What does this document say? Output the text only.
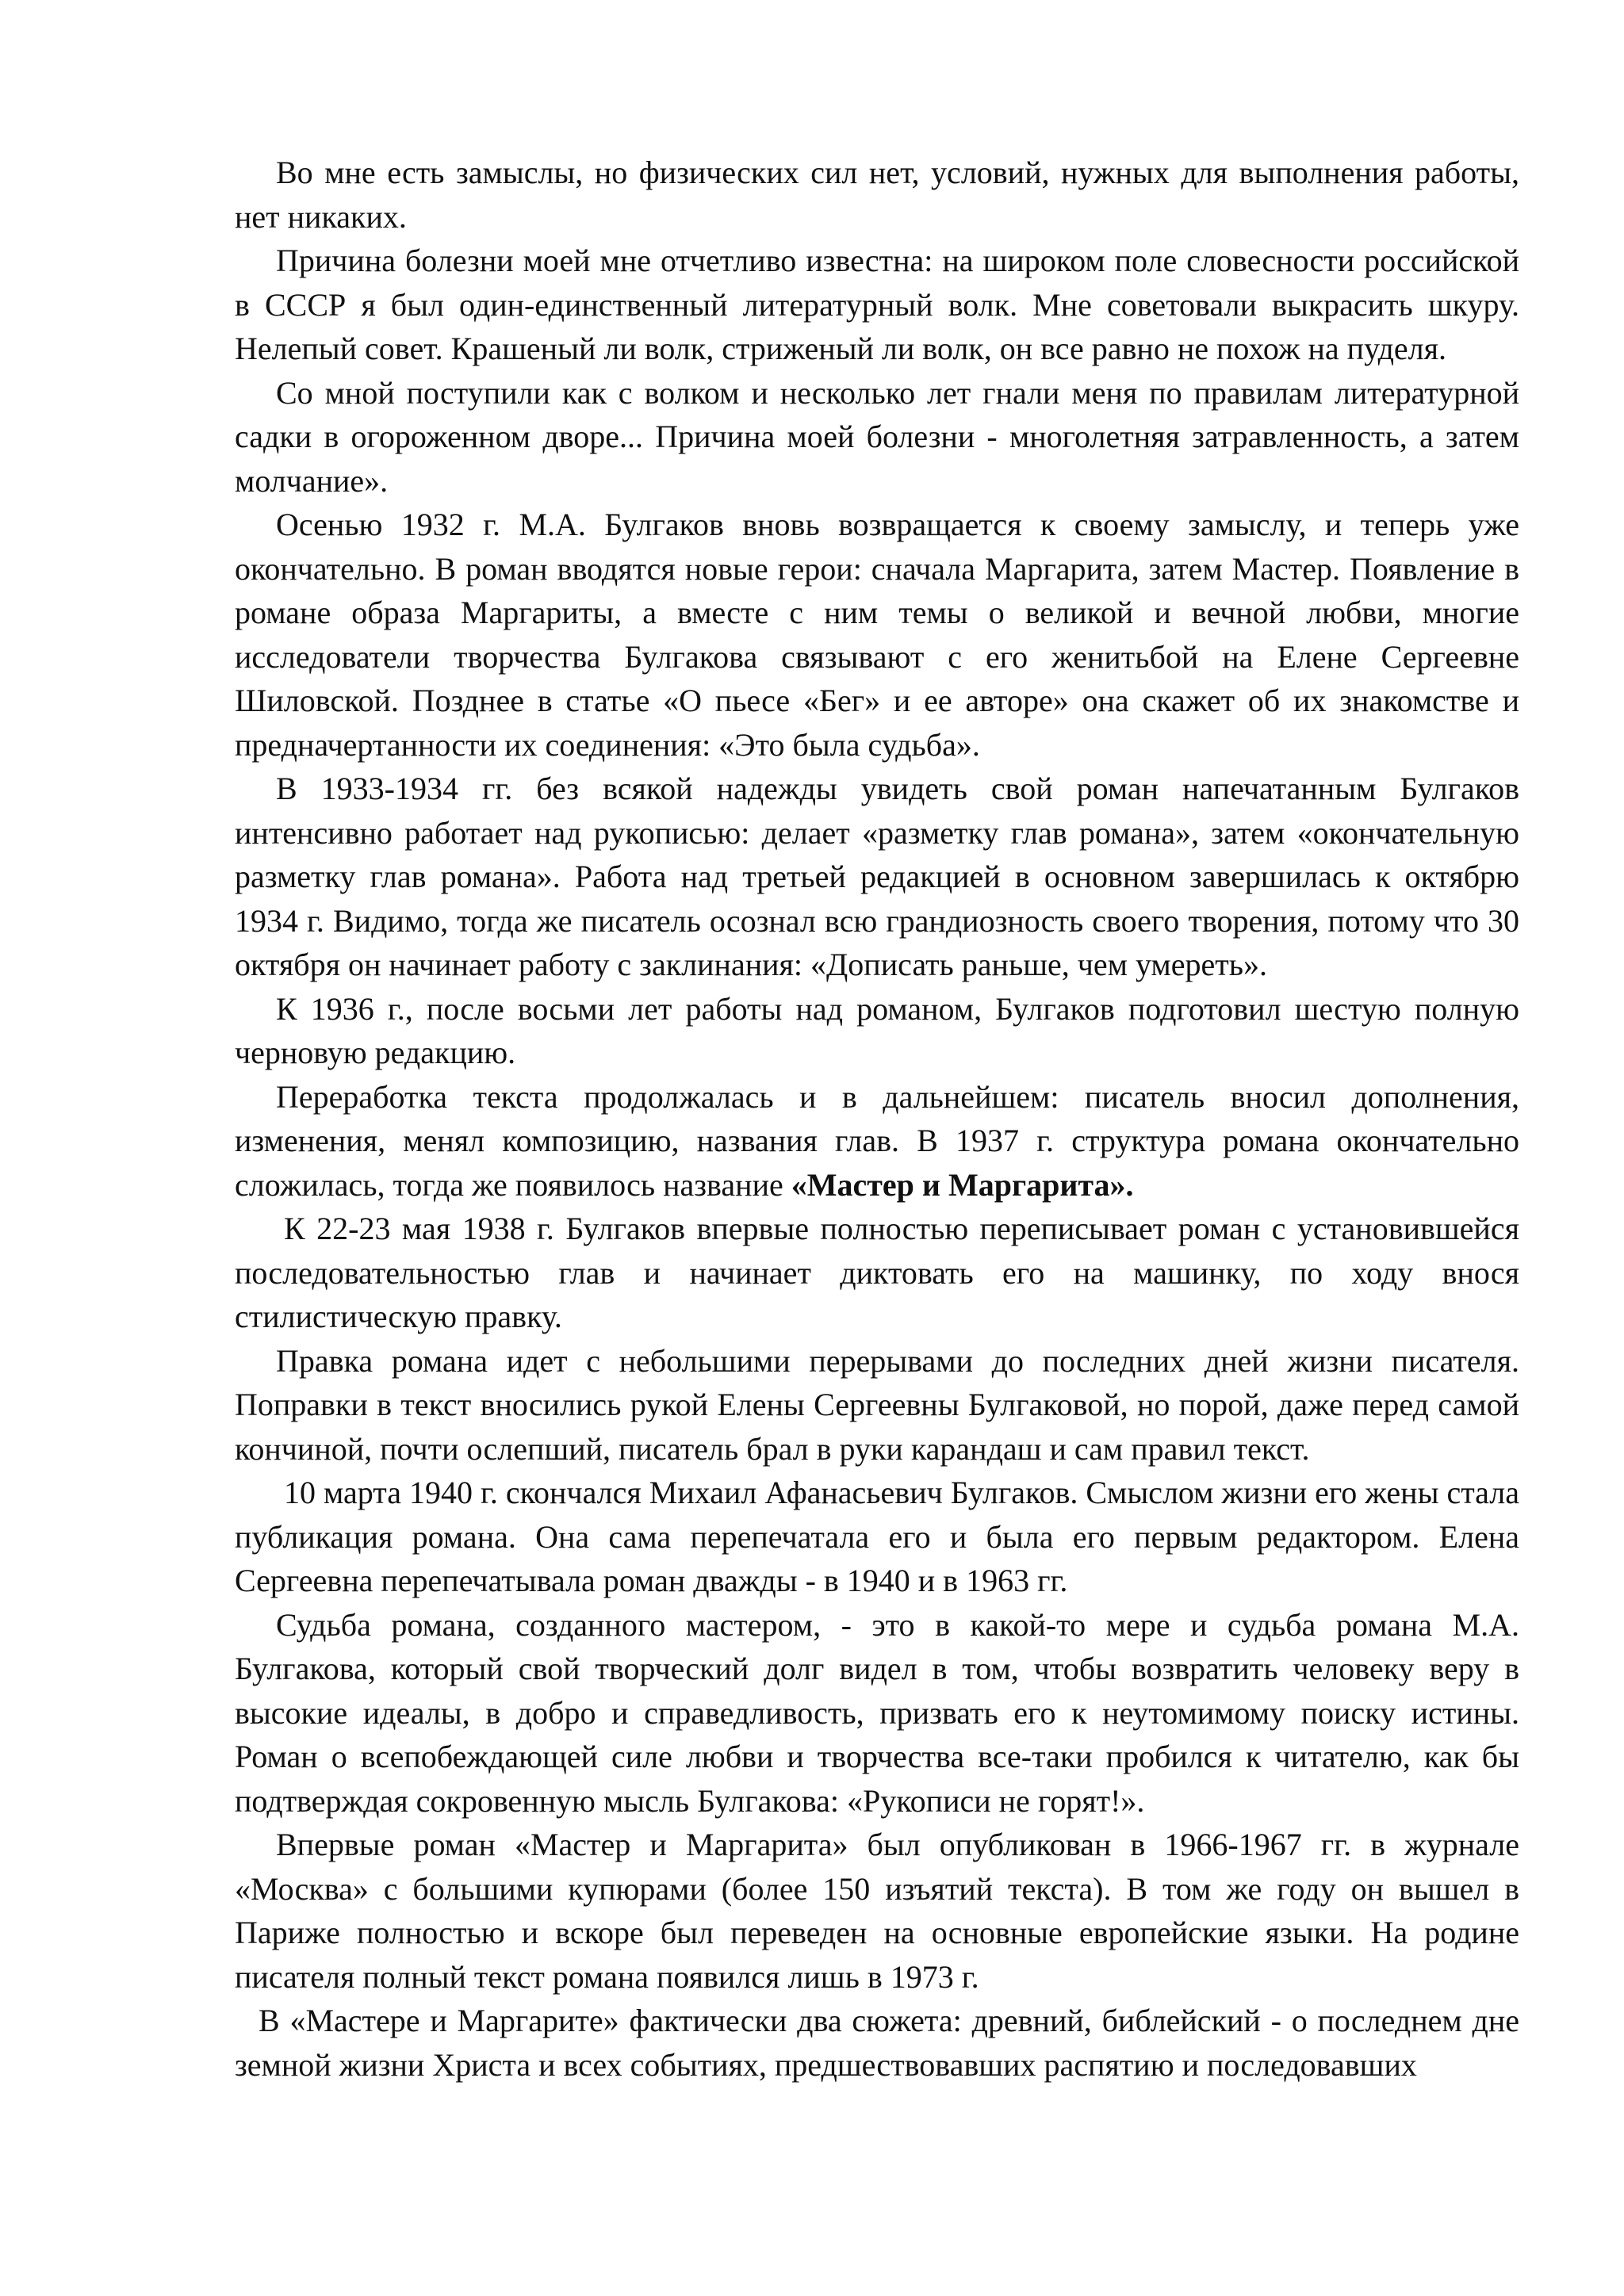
Во мне есть замыслы, но физических сил нет, условий, нужных для выполнения работы, нет никаких.

Причина болезни моей мне отчетливо известна: на широком поле словесности российской в СССР я был один-единственный литературный волк. Мне советовали выкрасить шкуру. Нелепый совет. Крашеный ли волк, стриженый ли волк, он все равно не похож на пуделя.

Со мной поступили как с волком и несколько лет гнали меня по правилам литературной садки в огороженном дворе... Причина моей болезни - многолетняя затравленность, а затем молчание».

Осенью 1932 г. М.А. Булгаков вновь возвращается к своему замыслу, и теперь уже окончательно. В роман вводятся новые герои: сначала Маргарита, затем Мастер. Появление в романе образа Маргариты, а вместе с ним темы о великой и вечной любви, многие исследователи творчества Булгакова связывают с его женитьбой на Елене Сергеевне Шиловской. Позднее в статье «О пьесе «Бег» и ее авторе» она скажет об их знакомстве и предначертанности их соединения: «Это была судьба».

В 1933-1934 гг. без всякой надежды увидеть свой роман напечатанным Булгаков интенсивно работает над рукописью: делает «разметку глав романа», затем «окончательную разметку глав романа». Работа над третьей редакцией в основном завершилась к октябрю 1934 г. Видимо, тогда же писатель осознал всю грандиозность своего творения, потому что 30 октября он начинает работу с заклинания: «Дописать раньше, чем умереть».

К 1936 г., после восьми лет работы над романом, Булгаков подготовил шестую полную черновую редакцию.

Переработка текста продолжалась и в дальнейшем: писатель вносил дополнения, изменения, менял композицию, названия глав. В 1937 г. структура романа окончательно сложилась, тогда же появилось название «Мастер и Маргарита».

К 22-23 мая 1938 г. Булгаков впервые полностью переписывает роман с установившейся последовательностью глав и начинает диктовать его на машинку, по ходу внося стилистическую правку.

Правка романа идет с небольшими перерывами до последних дней жизни писателя. Поправки в текст вносились рукой Елены Сергеевны Булгаковой, но порой, даже перед самой кончиной, почти ослепший, писатель брал в руки карандаш и сам правил текст.

10 марта 1940 г. скончался Михаил Афанасьевич Булгаков. Смыслом жизни его жены стала публикация романа. Она сама перепечатала его и была его первым редактором. Елена Сергеевна перепечатывала роман дважды - в 1940 и в 1963 гг.

Судьба романа, созданного мастером, - это в какой-то мере и судьба романа М.А. Булгакова, который свой творческий долг видел в том, чтобы возвратить человеку веру в высокие идеалы, в добро и справедливость, призвать его к неутомимому поиску истины. Роман о всепобеждающей силе любви и творчества все-таки пробился к читателю, как бы подтверждая сокровенную мысль Булгакова: «Рукописи не горят!».

Впервые роман «Мастер и Маргарита» был опубликован в 1966-1967 гг. в журнале «Москва» с большими купюрами (более 150 изъятий текста). В том же году он вышел в Париже полностью и вскоре был переведен на основные европейские языки. На родине писателя полный текст романа появился лишь в 1973 г.

В «Мастере и Маргарите» фактически два сюжета: древний, библейский - о последнем дне земной жизни Христа и всех событиях, предшествовавших распятию и последовавших
